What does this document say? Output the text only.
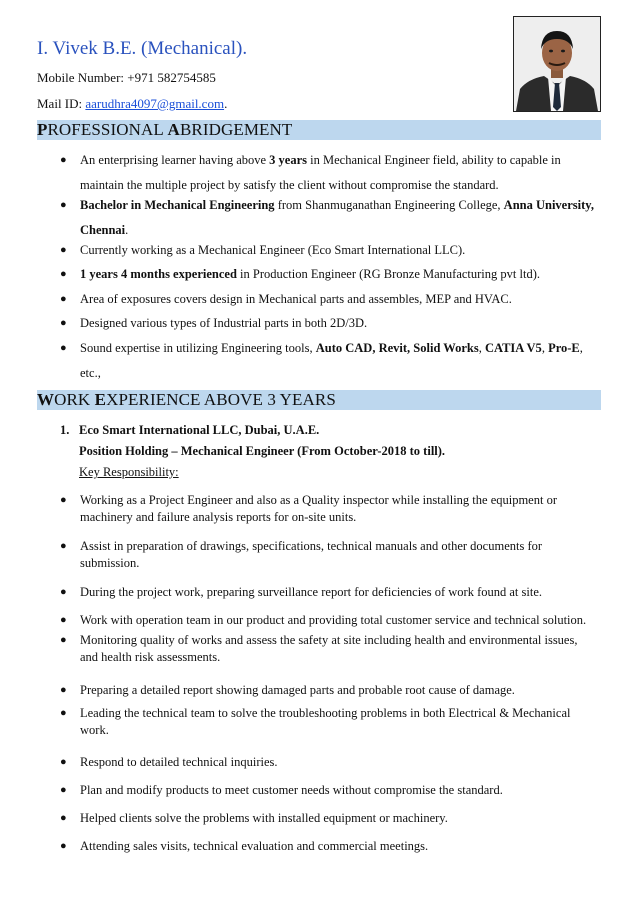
I. Vivek B.E. (Mechanical).
Mobile Number: +971 582754585
Mail ID: aarudhra4097@gmail.com.
PROFESSIONAL ABRIDGEMENT
● An enterprising learner having above 3 years in Mechanical Engineer field, ability to capable in maintain the multiple project by satisfy the client without compromise the standard.
● Bachelor in Mechanical Engineering from Shanmuganathan Engineering College, Anna University, Chennai.
● Currently working as a Mechanical Engineer (Eco Smart International LLC).
● 1 years 4 months experienced in Production Engineer (RG Bronze Manufacturing pvt ltd).
● Area of exposures covers design in Mechanical parts and assembles, MEP and HVAC.
● Designed various types of Industrial parts in both 2D/3D.
● Sound expertise in utilizing Engineering tools, Auto CAD, Revit, Solid Works, CATIA V5, Pro-E, etc.,
WORK EXPERIENCE ABOVE 3 YEARS
1. Eco Smart International LLC, Dubai, U.A.E.
Position Holding – Mechanical Engineer (From October-2018 to till).
Key Responsibility:
● Working as a Project Engineer and also as a Quality inspector while installing the equipment or machinery and failure analysis reports for on-site units.
● Assist in preparation of drawings, specifications, technical manuals and other documents for submission.
● During the project work, preparing surveillance report for deficiencies of work found at site.
● Work with operation team in our product and providing total customer service and technical solution.
● Monitoring quality of works and assess the safety at site including health and environmental issues, and health risk assessments.
● Preparing a detailed report showing damaged parts and probable root cause of damage.
● Leading the technical team to solve the troubleshooting problems in both Electrical & Mechanical work.
● Respond to detailed technical inquiries.
● Plan and modify products to meet customer needs without compromise the standard.
● Helped clients solve the problems with installed equipment or machinery.
● Attending sales visits, technical evaluation and commercial meetings.
